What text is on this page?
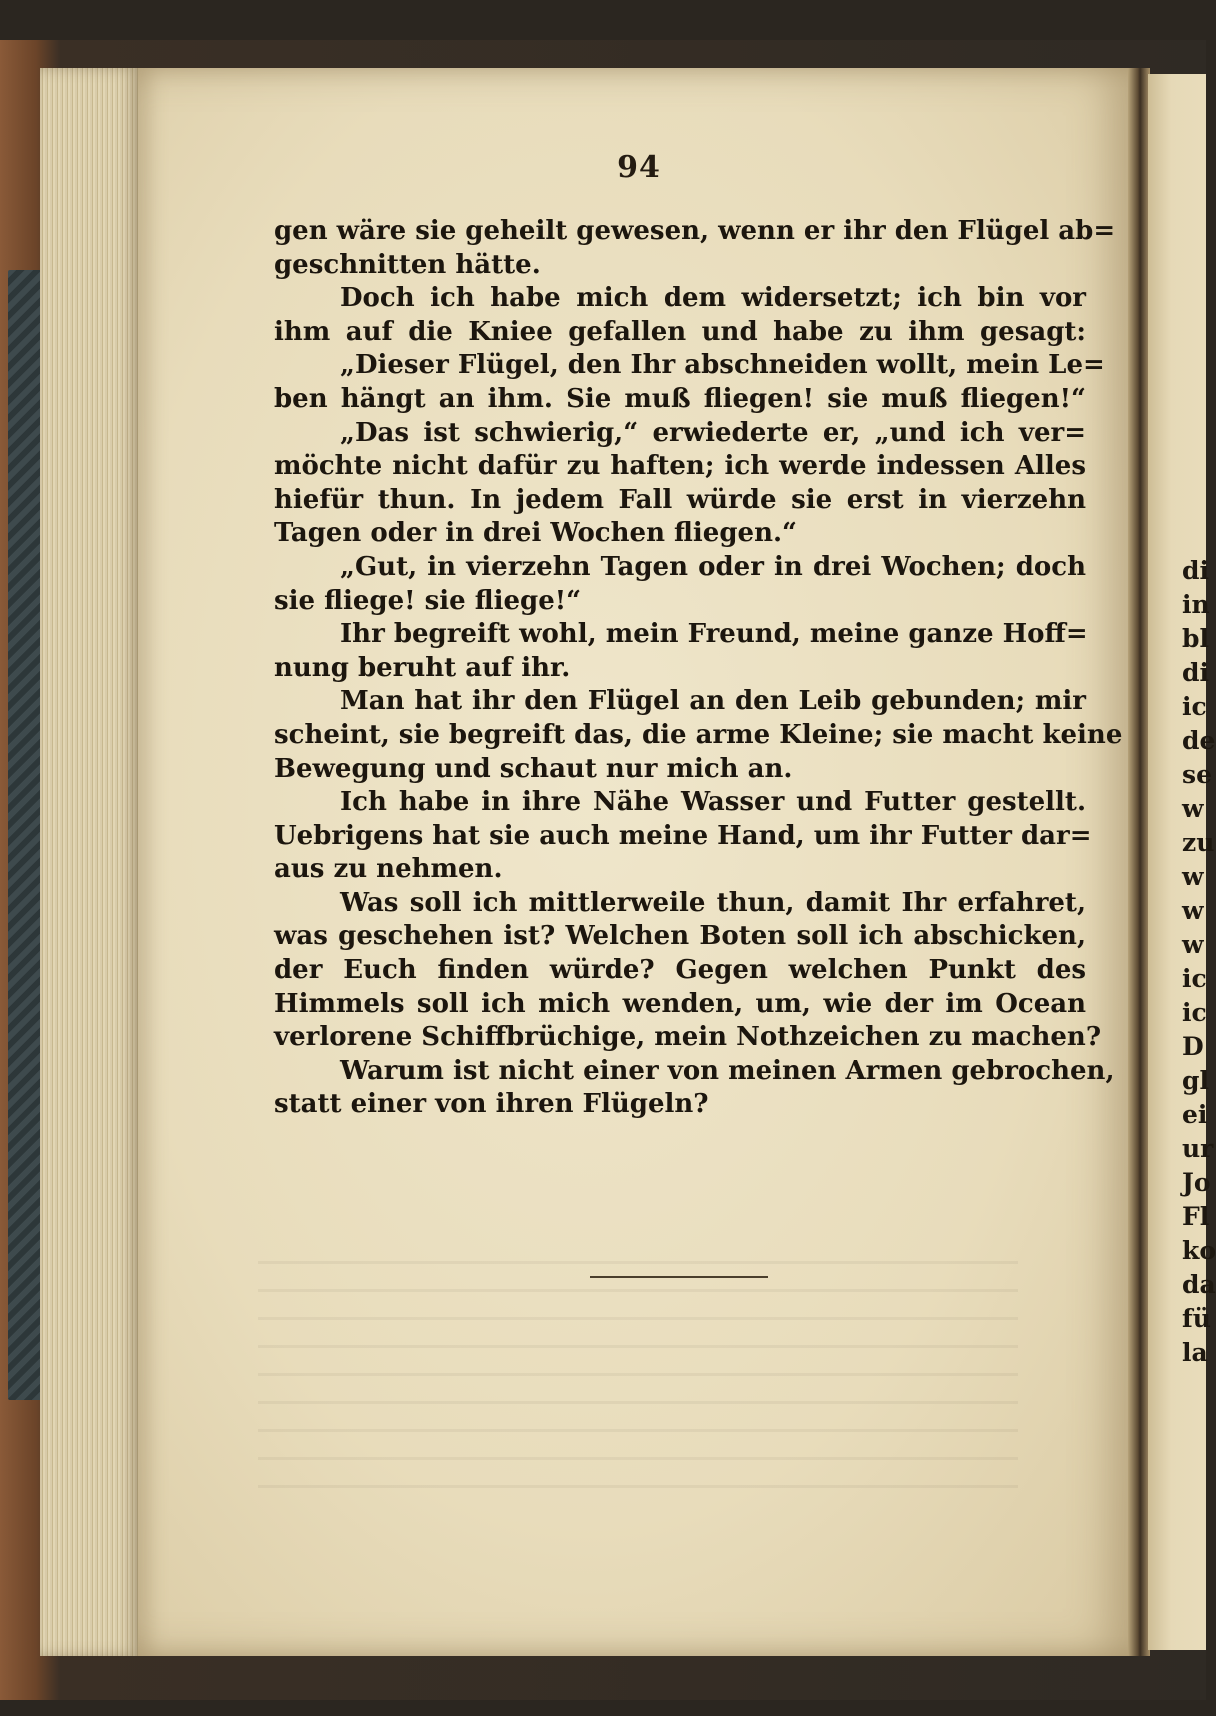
94
gen wäre sie geheilt gewesen, wenn er ihr den Flügel ab=
geschnitten hätte.
Doch ich habe mich dem widersetzt; ich bin vor
ihm auf die Kniee gefallen und habe zu ihm gesagt:
„Dieser Flügel, den Ihr abschneiden wollt, mein Le=
ben hängt an ihm. Sie muß fliegen! sie muß fliegen!“
„Das ist schwierig,“ erwiederte er, „und ich ver=
möchte nicht dafür zu haften; ich werde indessen Alles
hiefür thun. In jedem Fall würde sie erst in vierzehn
Tagen oder in drei Wochen fliegen.“
„Gut, in vierzehn Tagen oder in drei Wochen; doch
sie fliege! sie fliege!“
Ihr begreift wohl, mein Freund, meine ganze Hoff=
nung beruht auf ihr.
Man hat ihr den Flügel an den Leib gebunden; mir
scheint, sie begreift das, die arme Kleine; sie macht keine
Bewegung und schaut nur mich an.
Ich habe in ihre Nähe Wasser und Futter gestellt.
Uebrigens hat sie auch meine Hand, um ihr Futter dar=
aus zu nehmen.
Was soll ich mittlerweile thun, damit Ihr erfahret,
was geschehen ist? Welchen Boten soll ich abschicken,
der Euch finden würde? Gegen welchen Punkt des
Himmels soll ich mich wenden, um, wie der im Ocean
verlorene Schiffbrüchige, mein Nothzeichen zu machen?
Warum ist nicht einer von meinen Armen gebrochen,
statt einer von ihren Flügeln?
di
in
bl
di
ic
de
se
w
zu
w
w
w
ic
ic
D
gl
ei
ur
Jo
Fl
ko
da
fü
la
